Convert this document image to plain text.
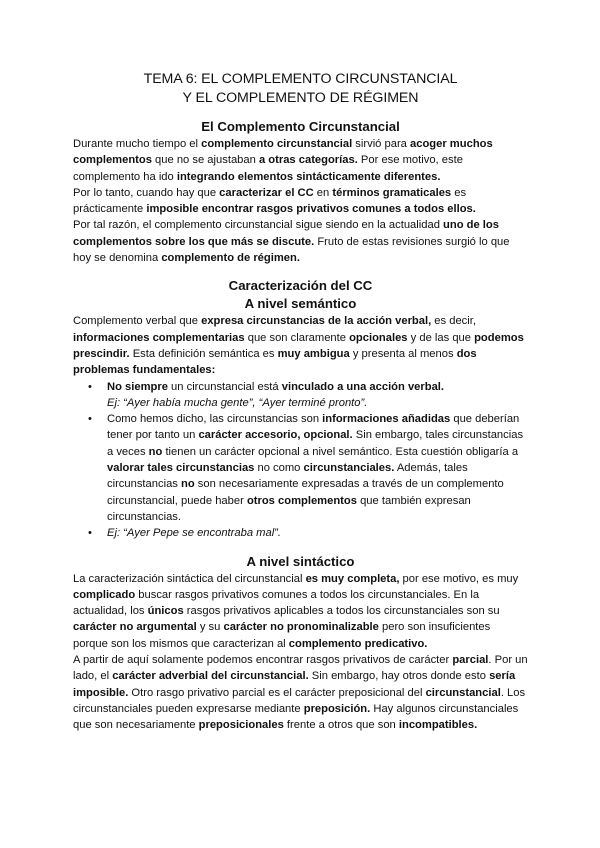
TEMA 6: EL COMPLEMENTO CIRCUNSTANCIAL
Y EL COMPLEMENTO DE RÉGIMEN
El Complemento Circunstancial

Durante mucho tiempo el complemento circunstancial sirvió para acoger muchos complementos que no se ajustaban a otras categorías. Por ese motivo, este complemento ha ido integrando elementos sintácticamente diferentes.

Por lo tanto, cuando hay que caracterizar el CC en términos gramaticales es prácticamente imposible encontrar rasgos privativos comunes a todos ellos.

Por tal razón, el complemento circunstancial sigue siendo en la actualidad uno de los complementos sobre los que más se discute. Fruto de estas revisiones surgió lo que hoy se denomina complemento de régimen.

Caracterización del CC
A nivel semántico

Complemento verbal que expresa circunstancias de la acción verbal, es decir, informaciones complementarias que son claramente opcionales y de las que podemos prescindir. Esta definición semántica es muy ambigua y presenta al menos dos problemas fundamentales:

• No siempre un circunstancial está vinculado a una acción verbal.
Ej: “Ayer había mucha gente”, “Ayer terminé pronto”.
• Como hemos dicho, las circunstancias son informaciones añadidas que deberían tener por tanto un carácter accesorio, opcional. Sin embargo, tales circunstancias a veces no tienen un carácter opcional a nivel semántico. Esta cuestión obligaría a valorar tales circunstancias no como circunstanciales. Además, tales circunstancias no son necesariamente expresadas a través de un complemento circunstancial, puede haber otros complementos que también expresan circunstancias.
• Ej: “Ayer Pepe se encontraba mal”.
A nivel sintáctico

La caracterización sintáctica del circunstancial es muy completa, por ese motivo, es muy complicado buscar rasgos privativos comunes a todos los circunstanciales. En la actualidad, los únicos rasgos privativos aplicables a todos los circunstanciales son su carácter no argumental y su carácter no pronominalizable pero son insuficientes porque son los mismos que caracterizan al complemento predicativo.

A partir de aquí solamente podemos encontrar rasgos privativos de carácter parcial. Por un lado, el carácter adverbial del circunstancial. Sin embargo, hay otros donde esto sería imposible. Otro rasgo privativo parcial es el carácter preposicional del circunstancial. Los circunstanciales pueden expresarse mediante preposición. Hay algunos circunstanciales que son necesariamente preposicionales frente a otros que son incompatibles.
